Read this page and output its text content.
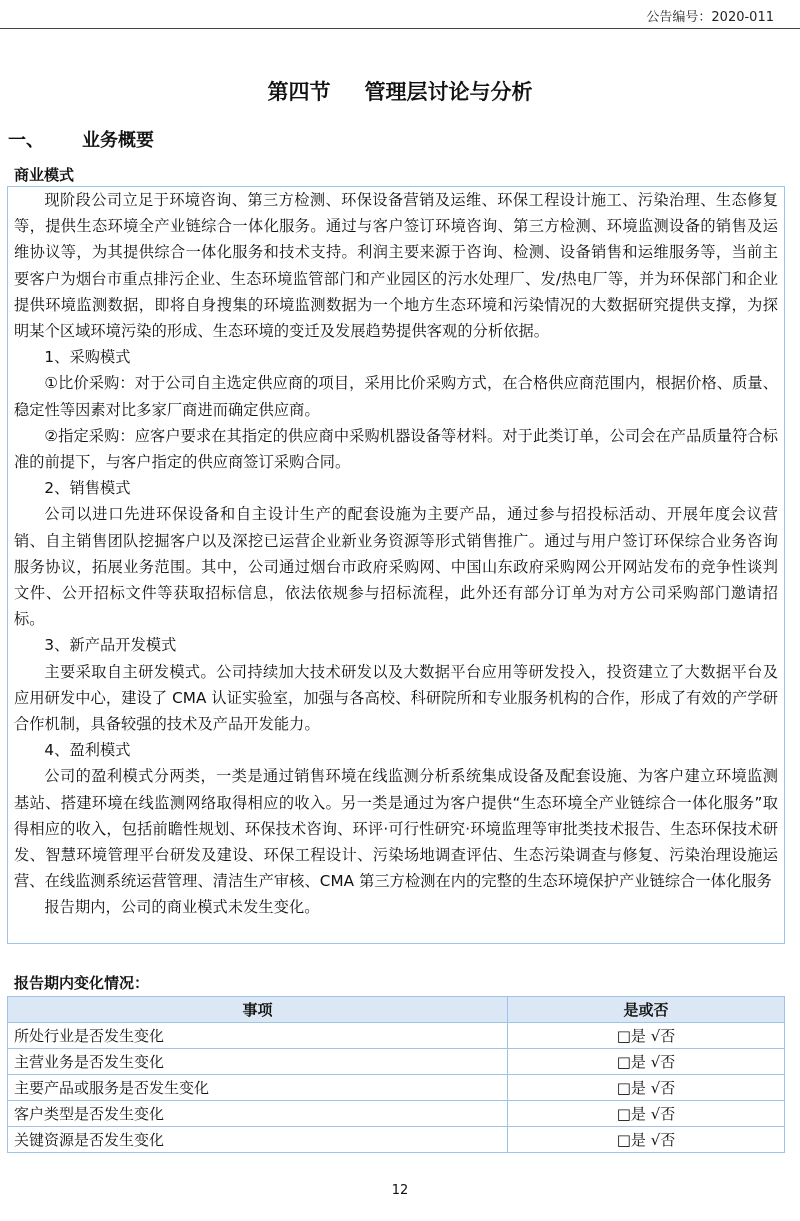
公告编号：2020-011
第四节 管理层讨论与分析
一、 业务概要
商业模式

现阶段公司立足于环境咨询、第三方检测、环保设备营销及运维、环保工程设计施工、污染治理、生态修复等，提供生态环境全产业链综合一体化服务。通过与客户签订环境咨询、第三方检测、环境监测设备的销售及运维协议等，为其提供综合一体化服务和技术支持。利润主要来源于咨询、检测、设备销售和运维服务等，当前主要客户为烟台市重点排污企业、生态环境监管部门和产业园区的污水处理厂、发/热电厂等，并为环保部门和企业提供环境监测数据，即将自身搜集的环境监测数据为一个地方生态环境和污染情况的大数据研究提供支撑，为探明某个区域环境污染的形成、生态环境的变迁及发展趋势提供客观的分析依据。

1、采购模式

①比价采购：对于公司自主选定供应商的项目，采用比价采购方式，在合格供应商范围内，根据价格、质量、稳定性等因素对比多家厂商进而确定供应商。

②指定采购：应客户要求在其指定的供应商中采购机器设备等材料。对于此类订单，公司会在产品质量符合标准的前提下，与客户指定的供应商签订采购合同。

2、销售模式

公司以进口先进环保设备和自主设计生产的配套设施为主要产品，通过参与招投标活动、开展年度会议营销、自主销售团队挖掘客户以及深挖已运营企业新业务资源等形式销售推广。通过与用户签订环保综合业务咨询服务协议，拓展业务范围。其中，公司通过烟台市政府采购网、中国山东政府采购网公开网站发布的竞争性谈判文件、公开招标文件等获取招标信息，依法依规参与招标流程，此外还有部分订单为对方公司采购部门邀请招标。

3、新产品开发模式

主要采取自主研发模式。公司持续加大技术研发以及大数据平台应用等研发投入，投资建立了大数据平台及应用研发中心，建设了 CMA 认证实验室，加强与各高校、科研院所和专业服务机构的合作，形成了有效的产学研合作机制，具备较强的技术及产品开发能力。

4、盈利模式

公司的盈利模式分两类，一类是通过销售环境在线监测分析系统集成设备及配套设施、为客户建立环境监测基站、搭建环境在线监测网络取得相应的收入。另一类是通过为客户提供“生态环境全产业链综合一体化服务”取得相应的收入，包括前瞻性规划、环保技术咨询、环评·可行性研究·环境监理等审批类技术报告、生态环保技术研发、智慧环境管理平台研发及建设、环保工程设计、污染场地调查评估、生态污染调查与修复、污染治理设施运营、在线监测系统运营管理、清洁生产审核、CMA 第三方检测在内的完整的生态环境保护产业链综合一体化服务

报告期内，公司的商业模式未发生变化。

报告期内变化情况：
事项	是或否
所处行业是否发生变化	□是 √否
主营业务是否发生变化	□是 √否
主要产品或服务是否发生变化	□是 √否
客户类型是否发生变化	□是 √否
关键资源是否发生变化	□是 √否
12
